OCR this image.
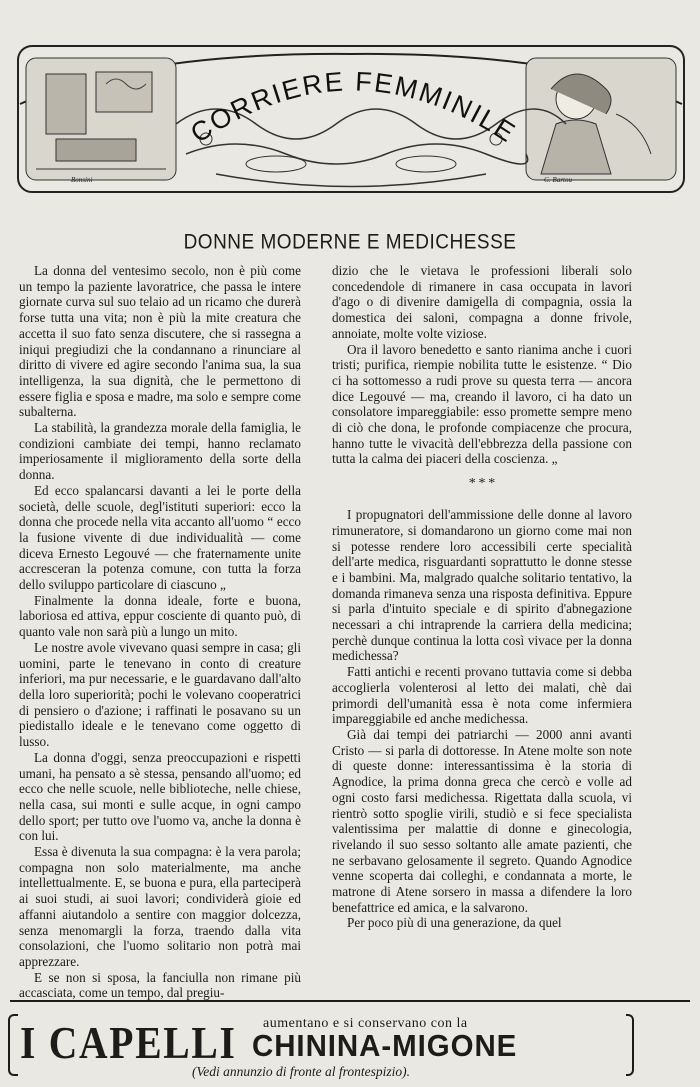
CORRIERE FEMMINILE
Bonsini	G. Bartou
DONNE MODERNE E MEDICHESSE

La donna del ventesimo secolo, non è più come un tempo la paziente lavoratrice, che passa le intere giornate curva sul suo telaio ad un ricamo che durerà forse tutta una vita; non è più la mite creatura che accetta il suo fato senza discutere, che si rassegna a iniqui pregiudizi che la condannano a rinunciare al diritto di vivere ed agire secondo l'anima sua, la sua intelligenza, la sua dignità, che le permettono di essere figlia e sposa e madre, ma solo e sempre come subalterna.

La stabilità, la grandezza morale della famiglia, le condizioni cambiate dei tempi, hanno reclamato imperiosamente il miglioramento della sorte della donna.

Ed ecco spalancarsi davanti a lei le porte della società, delle scuole, degl'istituti superiori: ecco la donna che procede nella vita accanto all'uomo “ ecco la fusione vivente di due individualità — come diceva Ernesto Legouvé — che fraternamente unite accresceran la potenza comune, con tutta la forza dello sviluppo particolare di ciascuno „

Finalmente la donna ideale, forte e buona, laboriosa ed attiva, eppur cosciente di quanto può, di quanto vale non sarà più a lungo un mito.

Le nostre avole vivevano quasi sempre in casa; gli uomini, parte le tenevano in conto di creature inferiori, ma pur necessarie, e le guardavano dall'alto della loro superiorità; pochi le volevano cooperatrici di pensiero o d'azione; i raffinati le posavano su un piedistallo ideale e le tenevano come oggetto di lusso.

La donna d'oggi, senza preoccupazioni e rispetti umani, ha pensato a sè stessa, pensando all'uomo; ed ecco che nelle scuole, nelle biblioteche, nelle chiese, nella casa, sui monti e sulle acque, in ogni campo dello sport; per tutto ove l'uomo va, anche la donna è con lui.

Essa è divenuta la sua compagna: è la vera parola; compagna non solo materialmente, ma anche intellettualmente. E, se buona e pura, ella parteciperà ai suoi studi, ai suoi lavori; condividerà gioie ed affanni aiutandolo a sentire con maggior dolcezza, senza menomargli la forza, traendo dalla vita consolazioni, che l'uomo solitario non potrà mai apprezzare.

E se non si sposa, la fanciulla non rimane più accasciata, come un tempo, dal pregiu-

dizio che le vietava le professioni liberali solo concedendole di rimanere in casa occupata in lavori d'ago o di divenire damigella di compagnia, ossia la domestica dei saloni, compagna a donne frivole, annoiate, molte volte viziose.

Ora il lavoro benedetto e santo rianima anche i cuori tristi; purifica, riempie nobilita tutte le esistenze. “ Dio ci ha sottomesso a rudi prove su questa terra — ancora dice Legouvé — ma, creando il lavoro, ci ha dato un consolatore impareggiabile: esso promette sempre meno di ciò che dona, le profonde compiacenze che procura, hanno tutte le vivacità dell'ebbrezza della passione con tutta la calma dei piaceri della coscienza. „

* * *

I propugnatori dell'ammissione delle donne al lavoro rimuneratore, si domandarono un giorno come mai non si potesse rendere loro accessibili certe specialità dell'arte medica, risguardanti soprattutto le donne stesse e i bambini. Ma, malgrado qualche solitario tentativo, la domanda rimaneva senza una risposta definitiva. Eppure si parla d'intuito speciale e di spirito d'abnegazione necessari a chi intraprende la carriera della medicina; perchè dunque continua la lotta così vivace per la donna medichessa?

Fatti antichi e recenti provano tuttavia come si debba accoglierla volenterosi al letto dei malati, chè dai primordi dell'umanità essa è nota come infermiera impareggiabile ed anche medichessa.

Già dai tempi dei patriarchi — 2000 anni avanti Cristo — si parla di dottoresse. In Atene molte son note di queste donne: interessantissima è la storia di Agnodice, la prima donna greca che cercò e volle ad ogni costo farsi medichessa. Rigettata dalla scuola, vi rientrò sotto spoglie virili, studiò e si fece specialista valentissima per malattie di donne e ginecologia, rivelando il suo sesso soltanto alle amate pazienti, che ne serbavano gelosamente il segreto. Quando Agnodice venne scoperta dai colleghi, e condannata a morte, le matrone di Atene sorsero in massa a difendere la loro benefattrice ed amica, e la salvarono.

Per poco più di una generazione, da quel

I CAPELLI aumentano e si conservano con la
CHININA-MIGONE
(Vedi annunzio di fronte al frontespizio).
